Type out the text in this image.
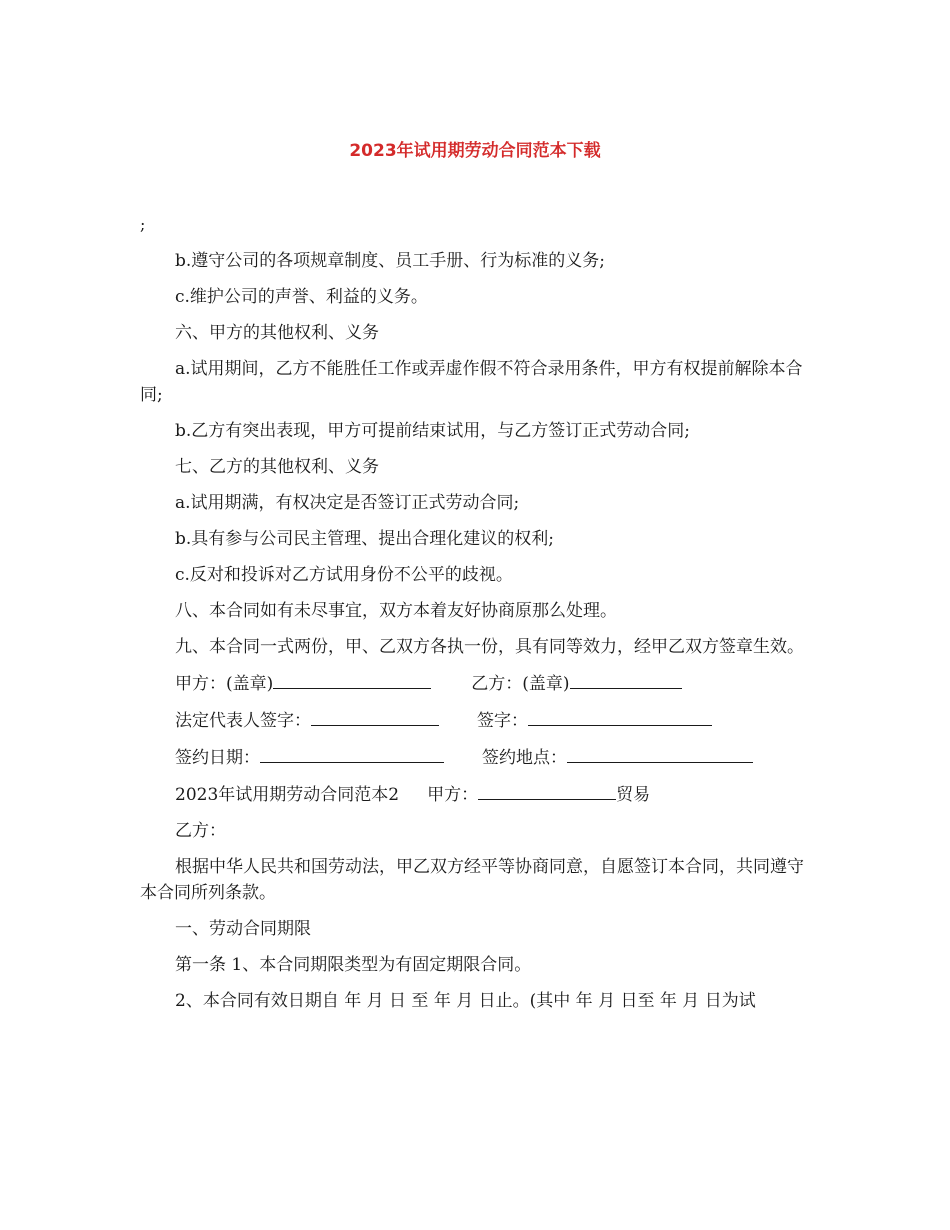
2023年试用期劳动合同范本下载

;

b.遵守公司的各项规章制度、员工手册、行为标准的义务;

c.维护公司的声誉、利益的义务。

六、甲方的其他权利、义务

a.试用期间，乙方不能胜任工作或弄虚作假不符合录用条件，甲方有权提前解除本合同;

b.乙方有突出表现，甲方可提前结束试用，与乙方签订正式劳动合同;

七、乙方的其他权利、义务

a.试用期满，有权决定是否签订正式劳动合同;

b.具有参与公司民主管理、提出合理化建议的权利;

c.反对和投诉对乙方试用身份不公平的歧视。

八、本合同如有未尽事宜，双方本着友好协商原那么处理。

九、本合同一式两份，甲、乙双方各执一份，具有同等效力，经甲乙双方签章生效。

甲方：(盖章)	乙方：(盖章)
法定代表人签字：	签字：
签约日期：	签约地点：
2023年试用期劳动合同范本2 甲方：	贸易
乙方：

根据中华人民共和国劳动法，甲乙双方经平等协商同意，自愿签订本合同，共同遵守本合同所列条款。

一、劳动合同期限

第一条 1、本合同期限类型为有固定期限合同。

2、本合同有效日期自 年 月 日 至 年 月 日止。(其中 年 月 日至 年 月 日为试
